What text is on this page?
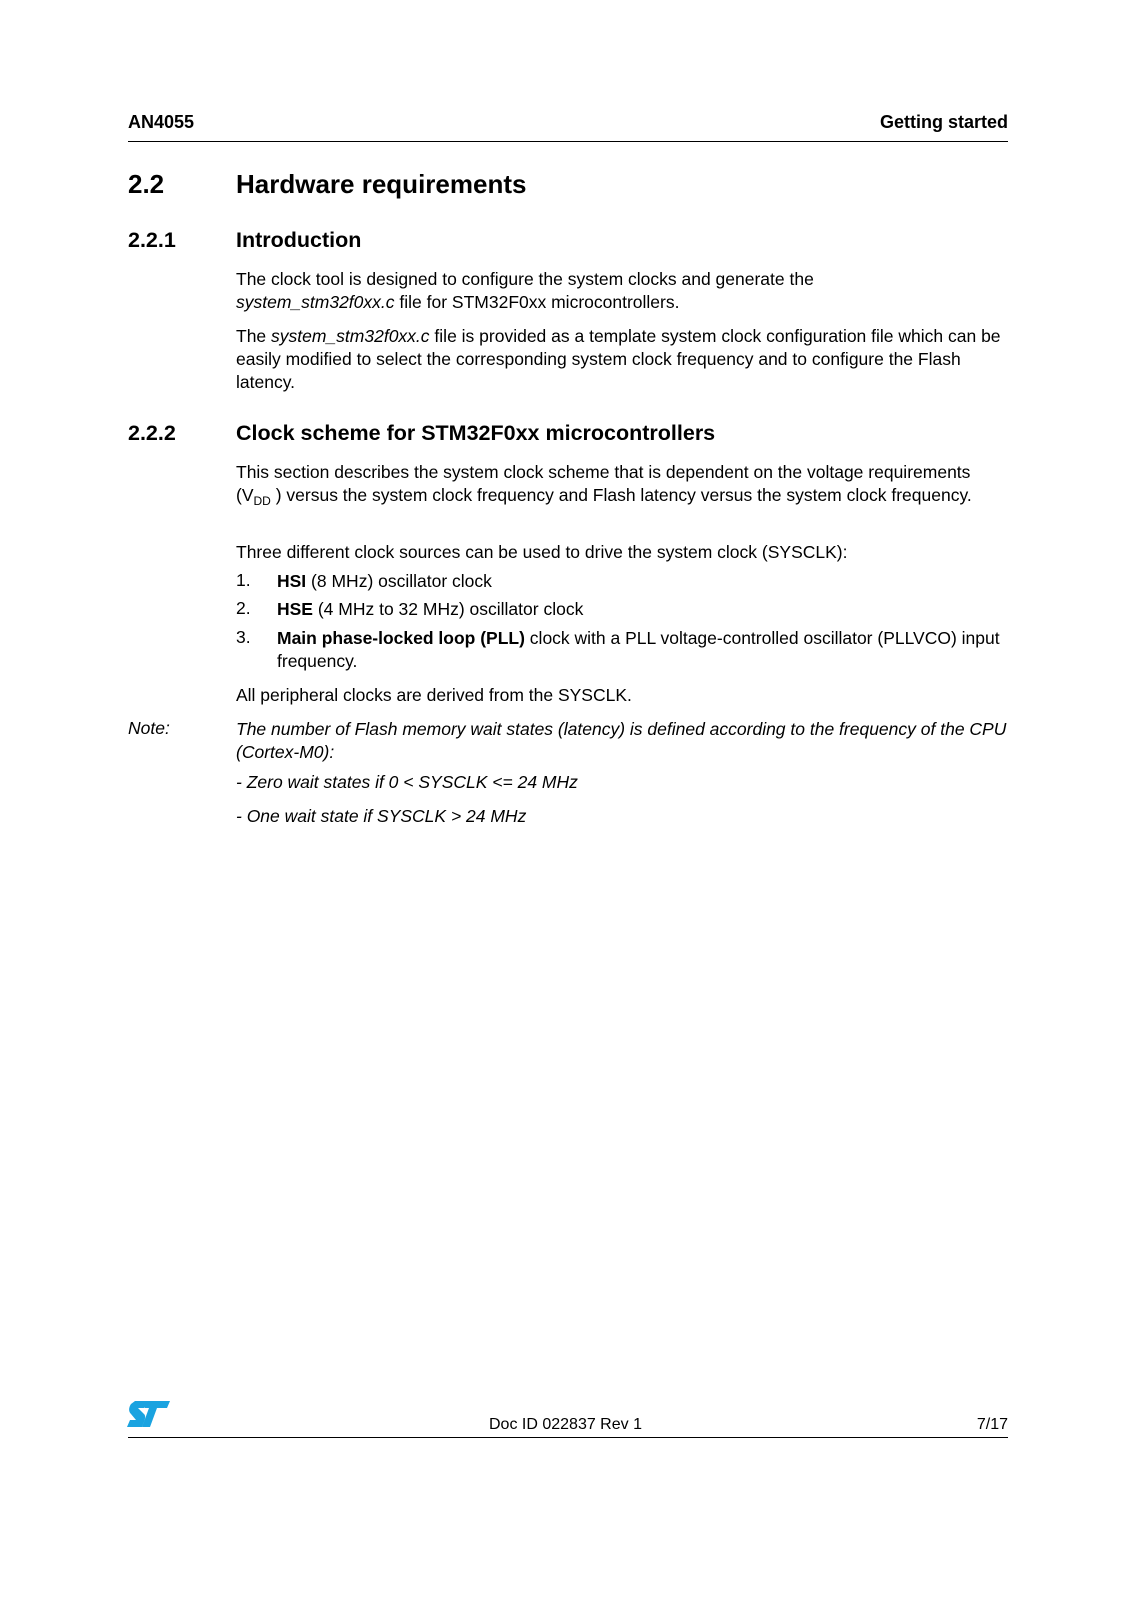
AN4055	Getting started
2.2	Hardware requirements
2.2.1	Introduction
The clock tool is designed to configure the system clocks and generate the
system_stm32f0xx.c file for STM32F0xx microcontrollers.
The system_stm32f0xx.c file is provided as a template system clock configuration file which can be easily modified to select the corresponding system clock frequency and to configure the Flash latency.
2.2.2	Clock scheme for STM32F0xx microcontrollers
This section describes the system clock scheme that is dependent on the voltage requirements ($V_{DD}$ ) versus the system clock frequency and Flash latency versus the system clock frequency.
Three different clock sources can be used to drive the system clock (SYSCLK):
1. HSI (8 MHz) oscillator clock
2. HSE (4 MHz to 32 MHz) oscillator clock
3. Main phase-locked loop (PLL) clock with a PLL voltage-controlled oscillator (PLLVCO) input frequency.
All peripheral clocks are derived from the SYSCLK.
Note:	The number of Flash memory wait states (latency) is defined according to the frequency of the CPU (Cortex-M0):
- Zero wait states if 0 < SYSCLK <= 24 MHz
- One wait state if SYSCLK > 24 MHz
Doc ID 022837 Rev 1	7/17
